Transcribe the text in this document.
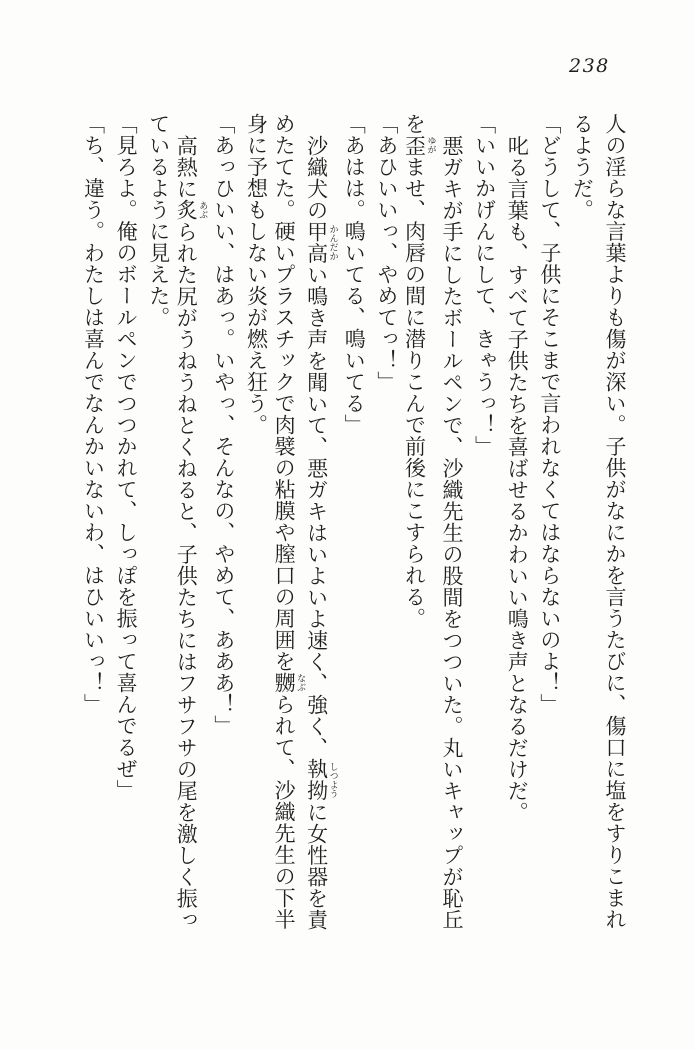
238
人の淫らな言葉よりも傷が深い。子供がなにかを言うたびに、傷口に塩をすりこまれ
るようだ。
「どうして、子供にそこまで言われなくてはならないのよ！」
叱る言葉も、すべて子供たちを喜ばせるかわいい鳴き声となるだけだ。
「いいかげんにして、きゃうっ！」
悪ガキが手にしたボールペンで、沙織先生の股間をつついた。丸いキャップが恥丘
を歪 ゆがませ、肉唇の間に潜りこんで前後にこすられる。
「あひいいっ、やめてっ！」
「あはは。鳴いてる、鳴いてる」
沙織犬の甲高 かんだかい鳴き声を聞いて、悪ガキはいよいよ速く、強く、執拗 しつように女性器を責
めたてた。硬いプラスチックで肉襞の粘膜や膣口の周囲を嬲 なぶられて、沙織先生の下半
身に予想もしない炎が燃え狂う。
「あっひいい、はあっ。いやっ、そんなの、やめて、あああ！」
高熱に炙 あぶられた尻がうねうねとくねると、子供たちにはフサフサの尾を激しく振っ
ているように見えた。
「見ろよ。俺のボールペンでつつかれて、しっぽを振って喜んでるぜ」
「ち、違う。わたしは喜んでなんかいないわ、はひいいっ！」
